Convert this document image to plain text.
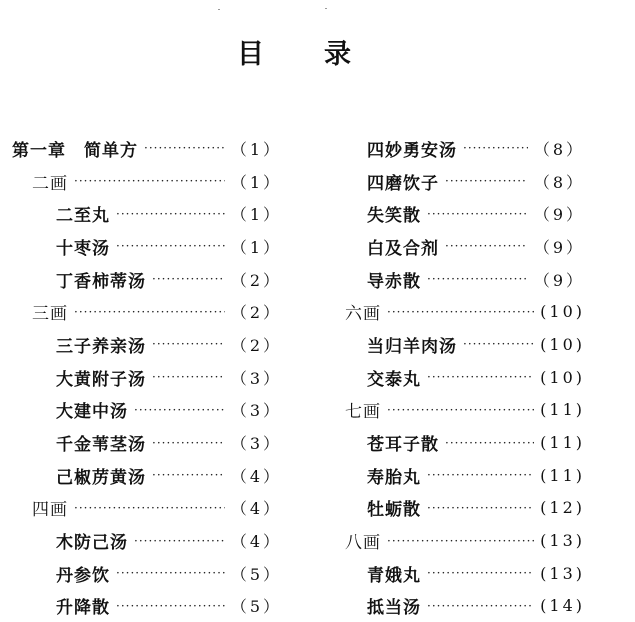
目 录
第一章　简单方 ·····	（1）
二画 ·····	（1）
二至丸 ·····	（1）
十枣汤 ·····	（1）
丁香柿蒂汤 ·····	（2）
三画 ·····	（2）
三子养亲汤 ·····	（2）
大黄附子汤 ·····	（3）
大建中汤 ·····	（3）
千金苇茎汤 ·····	（3）
己椒苈黄汤 ·····	（4）
四画 ·····	（4）
木防己汤 ·····	（4）
丹参饮 ·····	（5）
升降散 ·····	（5）
四妙勇安汤 ·····	（8）
四磨饮子 ·····	（8）
失笑散 ·····	（9）
白及合剂 ·····	（9）
导赤散 ·····	（9）
六画 ·····	(10)
当归羊肉汤 ·····	(10)
交泰丸 ·····	(10)
七画 ·····	(11)
苍耳子散 ·····	(11)
寿胎丸 ·····	(11)
牡蛎散 ·····	(12)
八画 ·····	(13)
青娥丸 ·····	(13)
抵当汤 ·····	(14)
